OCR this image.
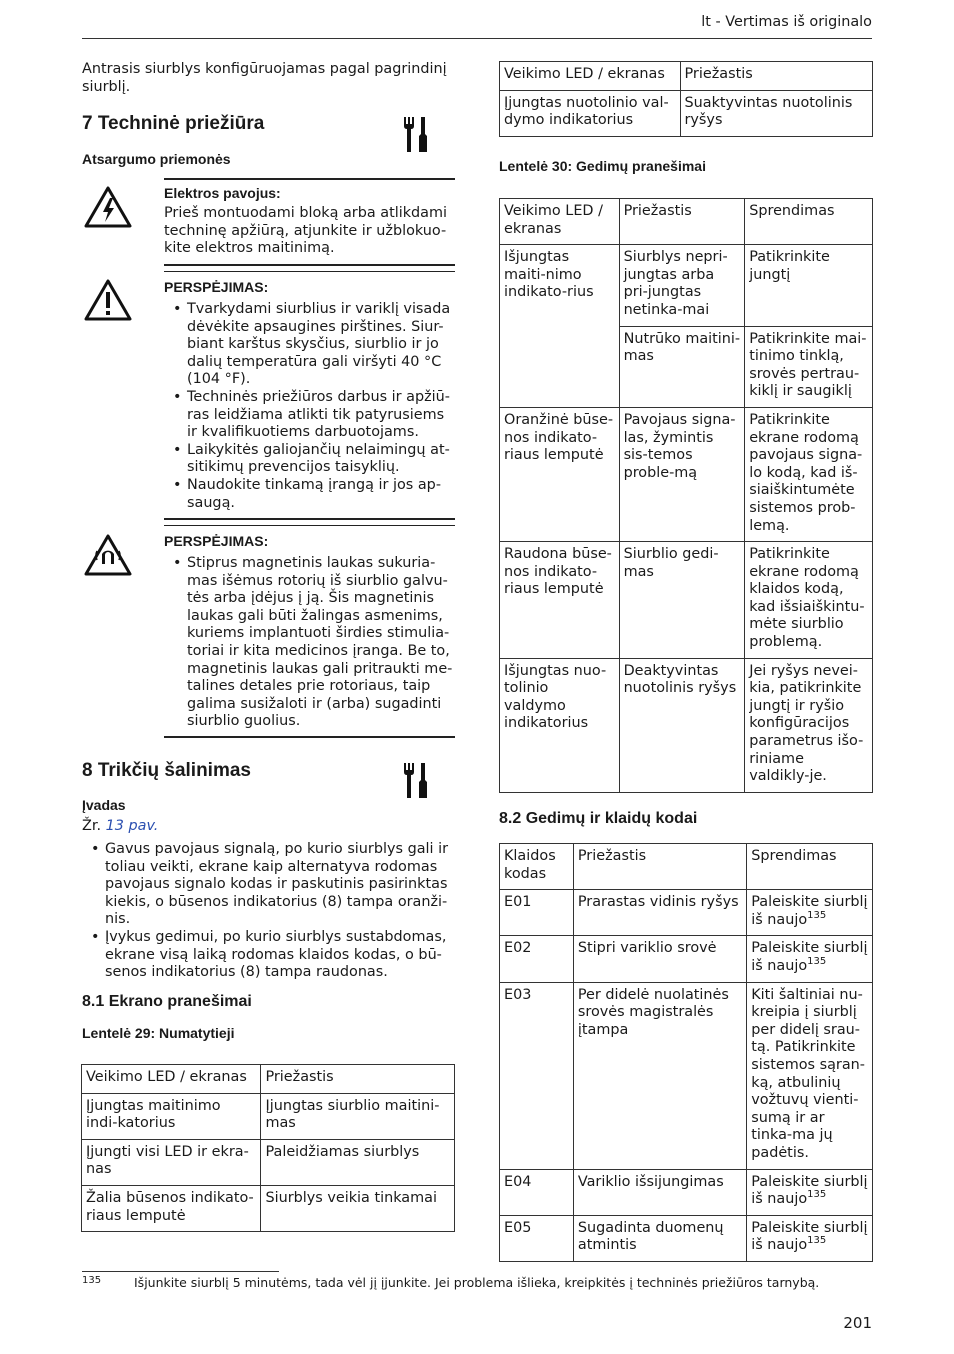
lt - Vertimas iš originalo
Antrasis siurblys konfigūruojamas pagal pagrindinį siurblį.
7 Techninė priežiūra
Atsargumo priemonės
Elektros pavojus:
Prieš montuodami bloką arba atlikdami techninę apžiūrą, atjunkite ir užblokuo-kite elektros maitinimą.
PERSPĖJIMAS:
• Tvarkydami siurblius ir variklį visada dėvėkite apsaugines pirštines. Siur-biant karštus skysčius, siurblio ir jo dalių temperatūra gali viršyti 40 °C (104 °F).
• Techninės priežiūros darbus ir apžiū-ras leidžiama atlikti tik patyrusiems ir kvalifikuotiems darbuotojams.
• Laikykitės galiojančių nelaimingų at-sitikimų prevencijos taisyklių.
• Naudokite tinkamą įrangą ir jos ap-saugą.
PERSPĖJIMAS:
• Stiprus magnetinis laukas sukuria-mas išėmus rotorių iš siurblio galvu-tės arba įdėjus į ją. Šis magnetinis laukas gali būti žalingas asmenims, kuriems implantuoti širdies stimulia-toriai ir kita medicinos įranga. Be to, magnetinis laukas gali pritraukti me-talines detales prie rotoriaus, taip galima susižaloti ir (arba) sugadinti siurblio guolius.
8 Trikčių šalinimas
Įvadas
Žr. 13 pav.
• Gavus pavojaus signalą, po kurio siurblys gali ir toliau veikti, ekrane kaip alternatyva rodomas pavojaus signalo kodas ir paskutinis pasirinktas kiekis, o būsenos indikatorius (8) tampa oranži-nis.
• Įvykus gedimui, po kurio siurblys sustabdomas, ekrane visą laiką rodomas klaidos kodas, o bū-senos indikatorius (8) tampa raudonas.
8.1 Ekrano pranešimai
Lentelė 29: Numatytieji
Veikimo LED / ekranas	Priežastis
Įjungtas maitinimo indi-katorius	Įjungtas siurblio maitini-mas
Įjungti visi LED ir ekra-nas	Paleidžiamas siurblys
Žalia būsenos indikato-riaus lemputė	Siurblys veikia tinkamai
Veikimo LED / ekranas	Priežastis
Įjungtas nuotolinio val-dymo indikatorius	Suaktyvintas nuotolinis ryšys
Lentelė 30: Gedimų pranešimai
Veikimo LED / ekranas	Priežastis	Sprendimas
Išjungtas maiti-nimo indikato-rius	Siurblys nepri-jungtas arba pri-jungtas netinka-mai	Patikrinkite jungtį
	Nutrūko maitini-mas	Patikrinkite mai-tinimo tinklą, srovės pertrau-kiklį ir saugiklį
Oranžinė būse-nos indikato-riaus lemputė	Pavojaus signa-las, žymintis sis-temos proble-mą	Patikrinkite ekrane rodomą pavojaus signa-lo kodą, kad iš-siaiškintumėte sistemos prob-lemą.
Raudona būse-nos indikato-riaus lemputė	Siurblio gedi-mas	Patikrinkite ekrane rodomą klaidos kodą, kad išsiaiškintu-mėte siurblio problemą.
Išjungtas nuo-tolinio valdymo indikatorius	Deaktyvintas nuotolinis ryšys	Jei ryšys nevei-kia, patikrinkite jungtį ir ryšio konfigūracijos parametrus išo-riniame valdikly-je.
8.2 Gedimų ir klaidų kodai
Klaidos kodas	Priežastis	Sprendimas
E01	Prarastas vidinis ryšys	Paleiskite siurblį iš naujo$^{135}$
E02	Stipri variklio srovė	Paleiskite siurblį iš naujo$^{135}$
E03	Per didelė nuolatinės srovės magistralės įtampa	Kiti šaltiniai nu-kreipia į siurblį per didelį srau-tą. Patikrinkite sistemos sąran-ką, atbulinių vožtuvų vienti-sumą ir ar tinka-ma jų padėtis.
E04	Variklio išsijungimas	Paleiskite siurblį iš naujo$^{135}$
E05	Sugadinta duomenų atmintis	Paleiskite siurblį iš naujo$^{135}$
135	Išjunkite siurblį 5 minutėms, tada vėl jį įjunkite. Jei problema išlieka, kreipkitės į techninės priežiūros tarnybą.
201
